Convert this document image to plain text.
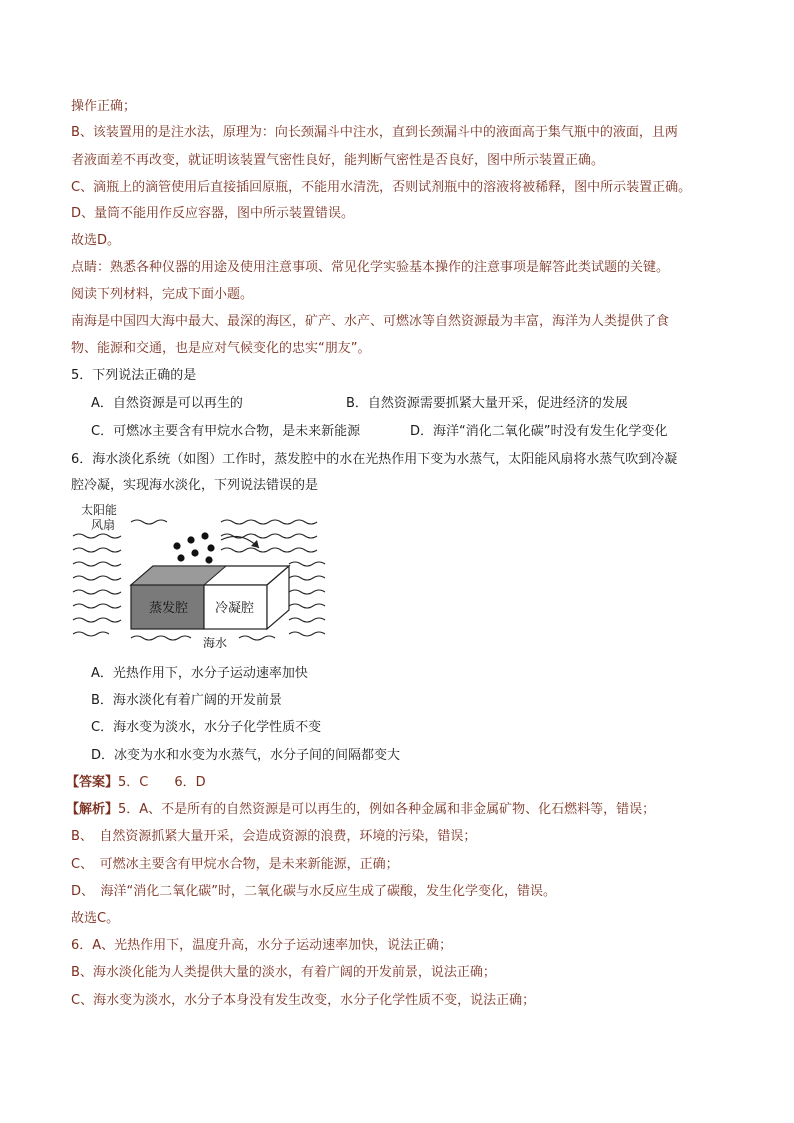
操作正确；
B、该装置用的是注水法，原理为：向长颈漏斗中注水，直到长颈漏斗中的液面高于集气瓶中的液面，且两
者液面差不再改变，就证明该装置气密性良好，能判断气密性是否良好，图中所示装置正确。
C、滴瓶上的滴管使用后直接插回原瓶，不能用水清洗，否则试剂瓶中的溶液将被稀释，图中所示装置正确。
D、量筒不能用作反应容器，图中所示装置错误。
故选D。
点睛：熟悉各种仪器的用途及使用注意事项、常见化学实验基本操作的注意事项是解答此类试题的关键。
阅读下列材料，完成下面小题。
南海是中国四大海中最大、最深的海区，矿产、水产、可燃冰等自然资源最为丰富，海洋为人类提供了食
物、能源和交通，也是应对气候变化的忠实“朋友”。
5．下列说法正确的是
A．自然资源是可以再生的	B．自然资源需要抓紧大量开采，促进经济的发展
C．可燃冰主要含有甲烷水合物，是未来新能源	D．海洋“消化二氧化碳”时没有发生化学变化
6．海水淡化系统（如图）工作时，蒸发腔中的水在光热作用下变为水蒸气，太阳能风扇将水蒸气吹到冷凝
腔冷凝，实现海水淡化，下列说法错误的是
太阳能
风扇
蒸发腔 冷凝腔
海水
A．光热作用下，水分子运动速率加快
B．海水淡化有着广阔的开发前景
C．海水变为淡水，水分子化学性质不变
D．冰变为水和水变为水蒸气，水分子间的间隔都变大
【答案】5．C　　6．D
【解析】5．A、不是所有的自然资源是可以再生的，例如各种金属和非金属矿物、化石燃料等，错误；
B、　自然资源抓紧大量开采，会造成资源的浪费，环境的污染，错误；
C、　可燃冰主要含有甲烷水合物，是未来新能源，正确；
D、　海洋“消化二氧化碳”时，二氧化碳与水反应生成了碳酸，发生化学变化，错误。
故选C。
6．A、光热作用下，温度升高，水分子运动速率加快，说法正确；
B、海水淡化能为人类提供大量的淡水，有着广阔的开发前景，说法正确；
C、海水变为淡水，水分子本身没有发生改变，水分子化学性质不变，说法正确；
